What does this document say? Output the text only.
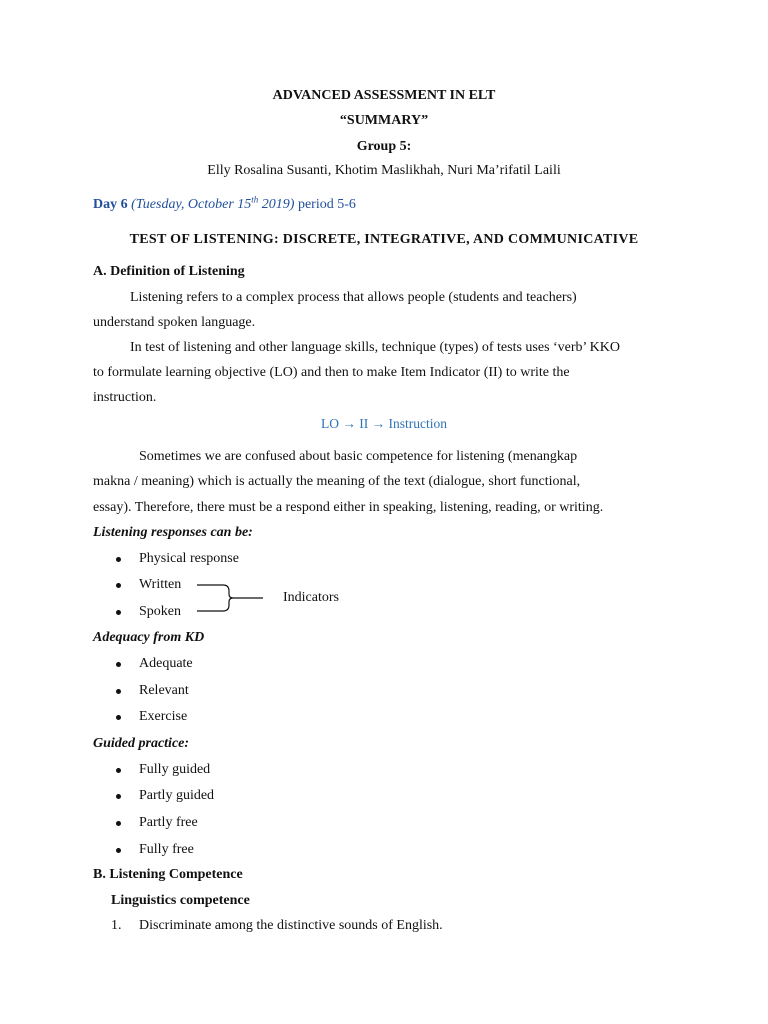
ADVANCED ASSESSMENT IN ELT
“SUMMARY”
Group 5:
Elly Rosalina Susanti, Khotim Maslikhah, Nuri Ma’rifatil Laili
Day 6 (Tuesday, October 15th 2019) period 5-6
TEST OF LISTENING: DISCRETE, INTEGRATIVE, AND COMMUNICATIVE
A. Definition of Listening
Listening refers to a complex process that allows people (students and teachers)
understand spoken language.
In test of listening and other language skills, technique (types) of tests uses ‘verb’ KKO
to formulate learning objective (LO) and then to make Item Indicator (II) to write the
instruction.
LO → II → Instruction
Sometimes we are confused about basic competence for listening (menangkap
makna / meaning) which is actually the meaning of the text (dialogue, short functional,
essay). Therefore, there must be a respond either in speaking, listening, reading, or writing.
Listening responses can be:
Physical response
Written
Spoken
Indicators
Adequacy from KD
Adequate
Relevant
Exercise
Guided practice:
Fully guided
Partly guided
Partly free
Fully free
B. Listening Competence
Linguistics competence
1. Discriminate among the distinctive sounds of English.
